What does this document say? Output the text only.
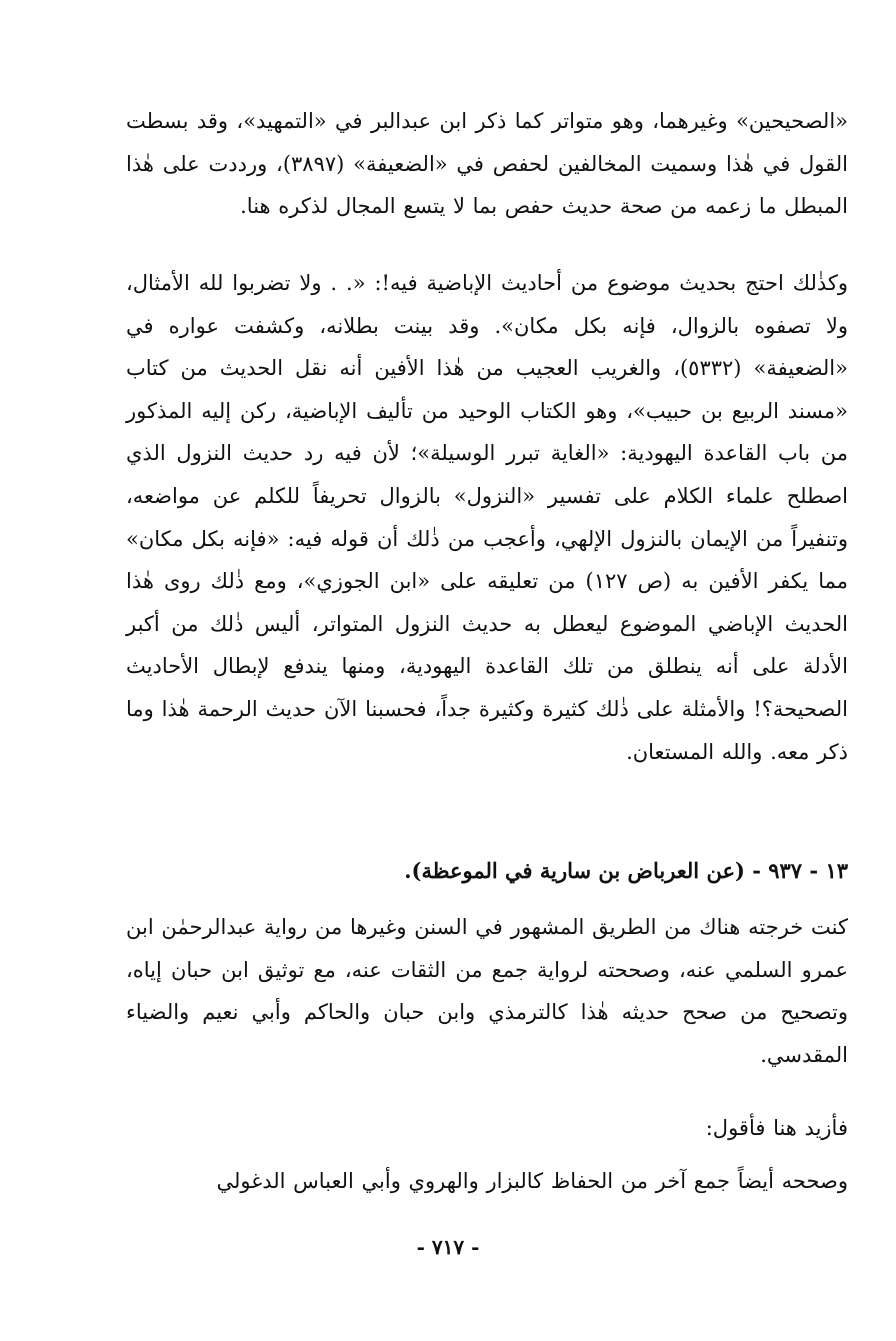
«الصحيحين» وغيرهما، وهو متواتر كما ذكر ابن عبدالبر في «التمهيد»، وقد بسطت القول في هٰذا وسميت المخالفين لحفص في «الضعيفة» (٣٨٩٧)، ورددت على هٰذا المبطل ما زعمه من صحة حديث حفص بما لا يتسع المجال لذكره هنا.

وكذٰلك احتج بحديث موضوع من أحاديث الإباضية فيه!: «. . ولا تضربوا لله الأمثال، ولا تصفوه بالزوال، فإنه بكل مكان». وقد بينت بطلانه، وكشفت عواره في «الضعيفة» (٥٣٣٢)، والغريب العجيب من هٰذا الأفين أنه نقل الحديث من كتاب «مسند الربيع بن حبيب»، وهو الكتاب الوحيد من تأليف الإباضية، ركن إليه المذكور من باب القاعدة اليهودية: «الغاية تبرر الوسيلة»؛ لأن فيه رد حديث النزول الذي اصطلح علماء الكلام على تفسير «النزول» بالزوال تحريفاً للكلم عن مواضعه، وتنفيراً من الإيمان بالنزول الإلهي، وأعجب من ذٰلك أن قوله فيه: «فإنه بكل مكان» مما يكفر الأفين به (ص ١٢٧) من تعليقه على «ابن الجوزي»، ومع ذٰلك روى هٰذا الحديث الإباضي الموضوع ليعطل به حديث النزول المتواتر، أليس ذٰلك من أكبر الأدلة على أنه ينطلق من تلك القاعدة اليهودية، ومنها يندفع لإبطال الأحاديث الصحيحة؟! والأمثلة على ذٰلك كثيرة وكثيرة جداً، فحسبنا الآن حديث الرحمة هٰذا وما ذكر معه. والله المستعان.

١٣ - ٩٣٧ - (عن العرباض بن سارية في الموعظة).

كنت خرجته هناك من الطريق المشهور في السنن وغيرها من رواية عبدالرحمٰن ابن عمرو السلمي عنه، وصححته لرواية جمع من الثقات عنه، مع توثيق ابن حبان إياه، وتصحيح من صحح حديثه هٰذا كالترمذي وابن حبان والحاكم وأبي نعيم والضياء المقدسي.

فأزيد هنا فأقول:

وصححه أيضاً جمع آخر من الحفاظ كالبزار والهروي وأبي العباس الدغولي

- ٧١٧ -
